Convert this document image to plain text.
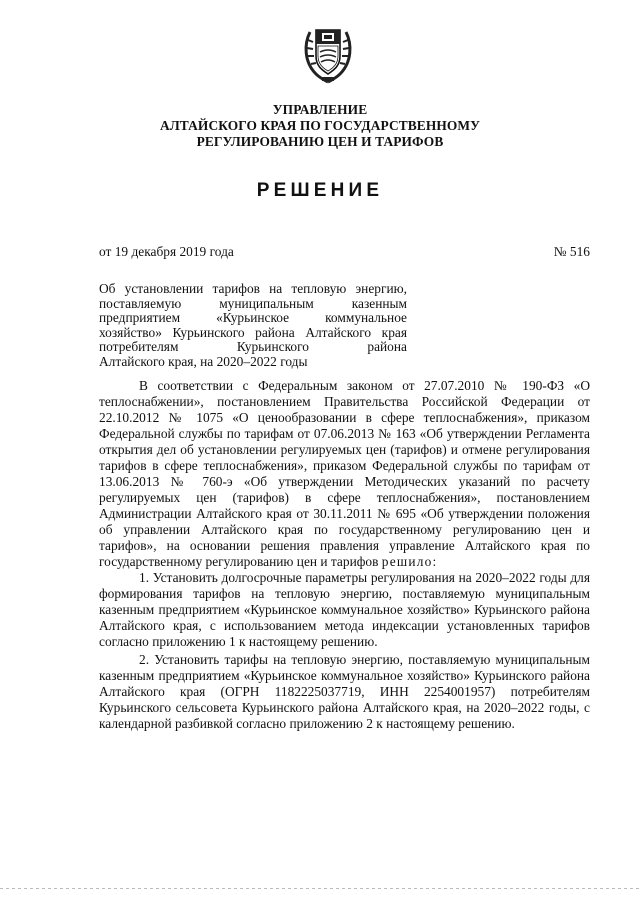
УПРАВЛЕНИЕ
АЛТАЙСКОГО КРАЯ ПО ГОСУДАРСТВЕННОМУ
РЕГУЛИРОВАНИЮ ЦЕН И ТАРИФОВ
РЕШЕНИЕ
от 19 декабря 2019 года	№ 516
Об установлении тарифов на тепловую энергию, поставляемую муниципальным казенным предприятием «Курьинское коммунальное хозяйство» Курьинского района Алтайского края потребителям Курьинского района
Алтайского края, на 2020–2022 годы

В соответствии с Федеральным законом от 27.07.2010 № 190-ФЗ «О теплоснабжении», постановлением Правительства Российской Федерации от 22.10.2012 № 1075 «О ценообразовании в сфере теплоснабжения», приказом Федеральной службы по тарифам от 07.06.2013 № 163 «Об утверждении Регламента открытия дел об установлении регулируемых цен (тарифов) и отмене регулирования тарифов в сфере теплоснабжения», приказом Федеральной службы по тарифам от 13.06.2013 № 760-э «Об утверждении Методических указаний по расчету регулируемых цен (тарифов) в сфере теплоснабжения», постановлением Администрации Алтайского края от 30.11.2011 № 695 «Об утверждении положения об управлении Алтайского края по государственному регулированию цен и тарифов», на основании решения правления управление Алтайского края по государственному регулированию цен и тарифов решило:

1. Установить долгосрочные параметры регулирования на 2020–2022 годы для формирования тарифов на тепловую энергию, поставляемую муниципальным казенным предприятием «Курьинское коммунальное хозяйство» Курьинского района Алтайского края, с использованием метода индексации установленных тарифов согласно приложению 1 к настоящему решению.

2. Установить тарифы на тепловую энергию, поставляемую муниципальным казенным предприятием «Курьинское коммунальное хозяйство» Курьинского района Алтайского края (ОГРН 1182225037719, ИНН 2254001957) потребителям Курьинского сельсовета Курьинского района Алтайского края, на 2020–2022 годы, с календарной разбивкой согласно приложению 2 к настоящему решению.
